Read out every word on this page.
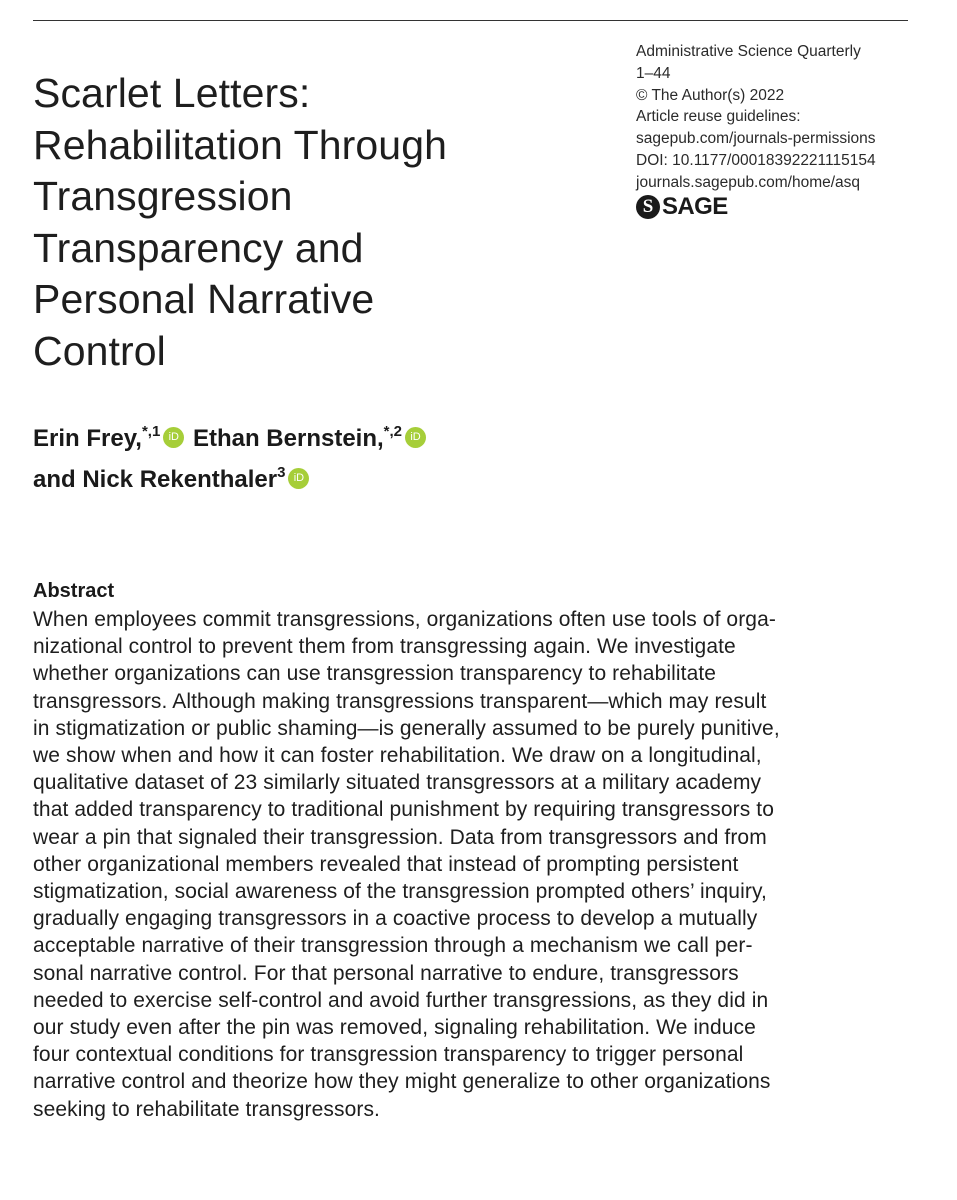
Scarlet Letters:
Rehabilitation Through
Transgression
Transparency and
Personal Narrative
Control
Administrative Science Quarterly
1–44
© The Author(s) 2022
Article reuse guidelines:
sagepub.com/journals-permissions
DOI: 10.1177/00018392221115154
journals.sagepub.com/home/asq
S SAGE
Erin Frey,$^{*,1}$ iD Ethan Bernstein,$^{*,2}$ iD
and Nick Rekenthaler$^3$ iD
Abstract
When employees commit transgressions, organizations often use tools of orga-
nizational control to prevent them from transgressing again. We investigate
whether organizations can use transgression transparency to rehabilitate
transgressors. Although making transgressions transparent—which may result
in stigmatization or public shaming—is generally assumed to be purely punitive,
we show when and how it can foster rehabilitation. We draw on a longitudinal,
qualitative dataset of 23 similarly situated transgressors at a military academy
that added transparency to traditional punishment by requiring transgressors to
wear a pin that signaled their transgression. Data from transgressors and from
other organizational members revealed that instead of prompting persistent
stigmatization, social awareness of the transgression prompted others’ inquiry,
gradually engaging transgressors in a coactive process to develop a mutually
acceptable narrative of their transgression through a mechanism we call per-
sonal narrative control. For that personal narrative to endure, transgressors
needed to exercise self-control and avoid further transgressions, as they did in
our study even after the pin was removed, signaling rehabilitation. We induce
four contextual conditions for transgression transparency to trigger personal
narrative control and theorize how they might generalize to other organizations
seeking to rehabilitate transgressors.
